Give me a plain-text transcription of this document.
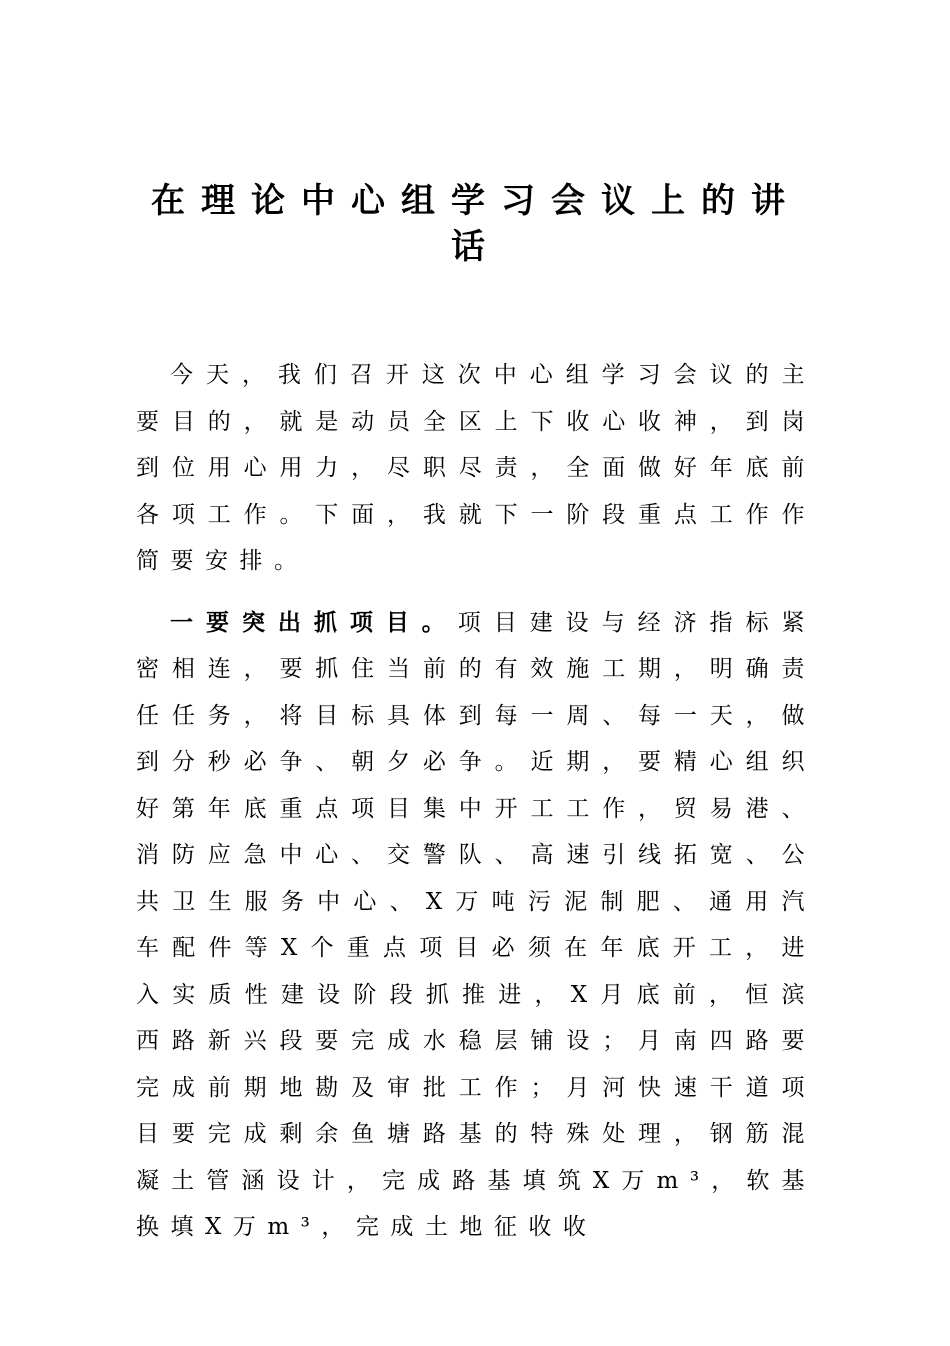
在理论中心组学习会议上的讲话

今天，我们召开这次中心组学习会议的主要目的，就是动员全区上下收心收神，到岗到位用心用力，尽职尽责，全面做好年底前各项工作。下面，我就下一阶段重点工作作简要安排。

一要突出抓项目。项目建设与经济指标紧密相连，要抓住当前的有效施工期，明确责任任务，将目标具体到每一周、每一天，做到分秒必争、朝夕必争。近期，要精心组织好第年底重点项目集中开工工作，贸易港、消防应急中心、交警队、高速引线拓宽、公共卫生服务中心、X万吨污泥制肥、通用汽车配件等X个重点项目必须在年底开工，进入实质性建设阶段抓推进，X月底前，恒滨西路新兴段要完成水稳层铺设；月南四路要完成前期地勘及审批工作；月河快速干道项目要完成剩余鱼塘路基的特殊处理，钢筋混凝土管涵设计，完成路基填筑X万m³，软基换填X万m³，完成土地征收收
